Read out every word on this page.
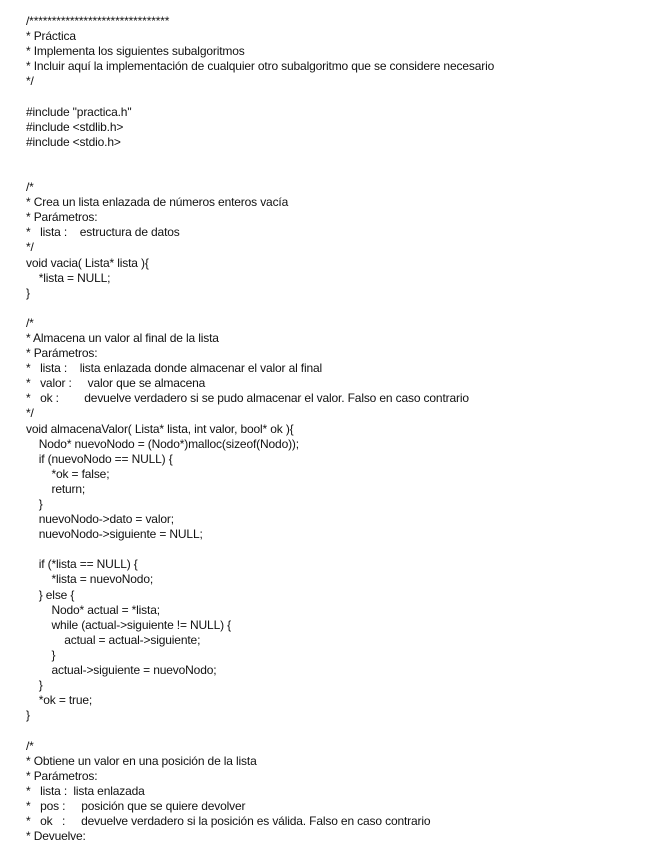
/*******************************
* Práctica
* Implementa los siguientes subalgoritmos
* Incluir aquí la implementación de cualquier otro subalgoritmo que se considere necesario
*/
#include "practica.h"
#include <stdlib.h>
#include <stdio.h>
/*
* Crea un lista enlazada de números enteros vacía
* Parámetros:
*   lista :    estructura de datos
*/
void vacia( Lista* lista ){
*lista = NULL;
}
/*
* Almacena un valor al final de la lista
* Parámetros:
*   lista :    lista enlazada donde almacenar el valor al final
*   valor :     valor que se almacena
*   ok :        devuelve verdadero si se pudo almacenar el valor. Falso en caso contrario
*/
void almacenaValor( Lista* lista, int valor, bool* ok ){
Nodo* nuevoNodo = (Nodo*)malloc(sizeof(Nodo));
if (nuevoNodo == NULL) {
*ok = false;
return;
}
nuevoNodo->dato = valor;
nuevoNodo->siguiente = NULL;
if (*lista == NULL) {
*lista = nuevoNodo;
} else {
Nodo* actual = *lista;
while (actual->siguiente != NULL) {
actual = actual->siguiente;
}
actual->siguiente = nuevoNodo;
}
*ok = true;
}
/*
* Obtiene un valor en una posición de la lista
* Parámetros:
*   lista :  lista enlazada
*   pos :     posición que se quiere devolver
*   ok   :     devuelve verdadero si la posición es válida. Falso en caso contrario
* Devuelve:
